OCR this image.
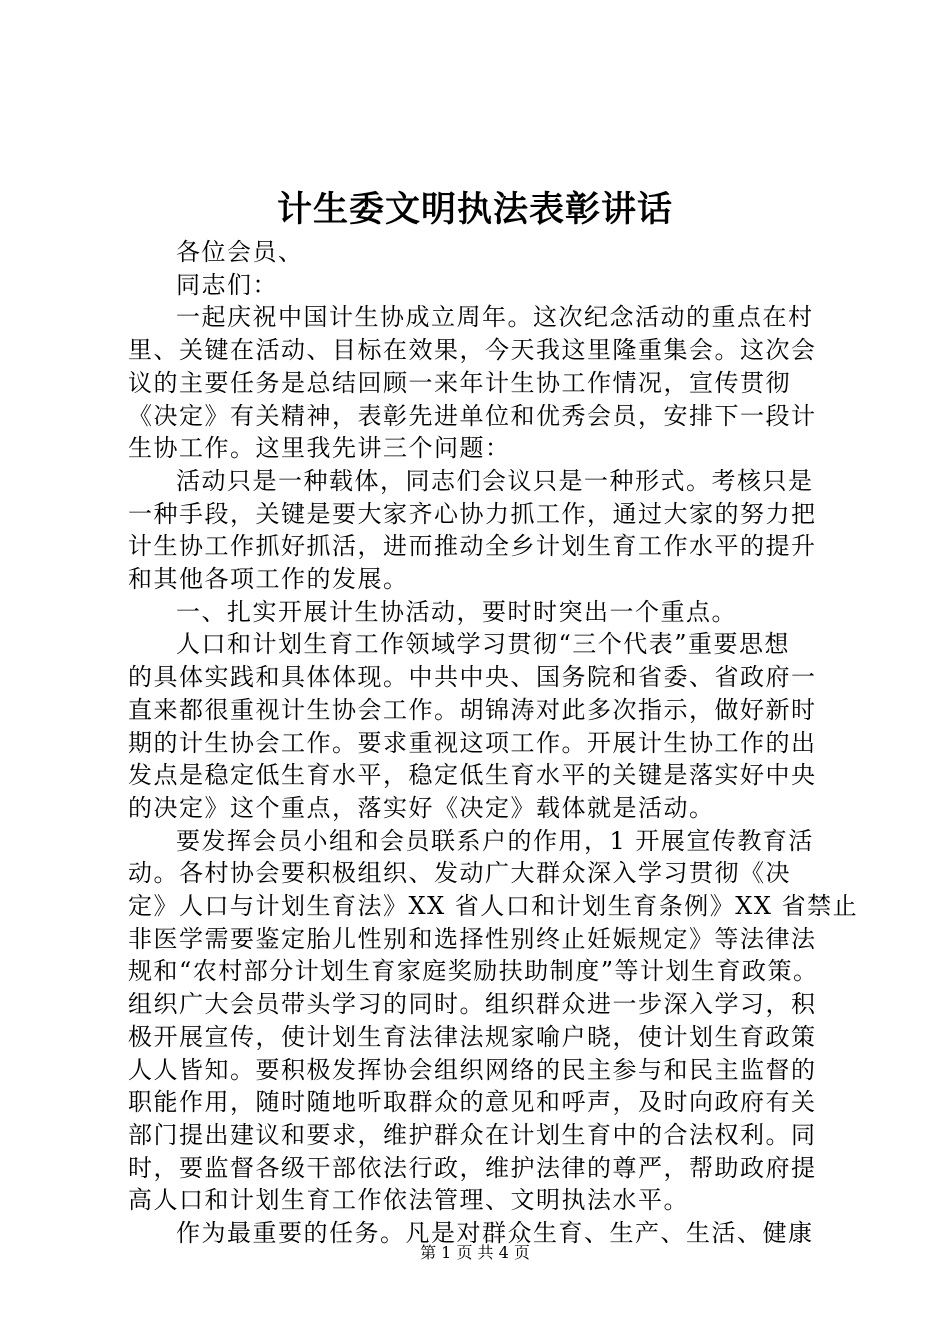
计生委文明执法表彰讲话
各位会员、
同志们：
一起庆祝中国计生协成立周年。这次纪念活动的重点在村
里、关键在活动、目标在效果，今天我这里隆重集会。这次会
议的主要任务是总结回顾一来年计生协工作情况，宣传贯彻
《决定》有关精神，表彰先进单位和优秀会员，安排下一段计
生协工作。这里我先讲三个问题：
活动只是一种载体，同志们会议只是一种形式。考核只是
一种手段，关键是要大家齐心协力抓工作，通过大家的努力把
计生协工作抓好抓活，进而推动全乡计划生育工作水平的提升
和其他各项工作的发展。
一、扎实开展计生协活动，要时时突出一个重点。
人口和计划生育工作领域学习贯彻“三个代表”重要思想
的具体实践和具体体现。中共中央、国务院和省委、省政府一
直来都很重视计生协会工作。胡锦涛对此多次指示，做好新时
期的计生协会工作。要求重视这项工作。开展计生协工作的出
发点是稳定低生育水平，稳定低生育水平的关键是落实好中央
的决定》这个重点，落实好《决定》载体就是活动。
要发挥会员小组和会员联系户的作用，1 开展宣传教育活
动。各村协会要积极组织、发动广大群众深入学习贯彻《决
定》人口与计划生育法》XX 省人口和计划生育条例》XX 省禁止
非医学需要鉴定胎儿性别和选择性别终止妊娠规定》等法律法
规和“农村部分计划生育家庭奖励扶助制度”等计划生育政策。
组织广大会员带头学习的同时。组织群众进一步深入学习，积
极开展宣传，使计划生育法律法规家喻户晓，使计划生育政策
人人皆知。要积极发挥协会组织网络的民主参与和民主监督的
职能作用，随时随地听取群众的意见和呼声，及时向政府有关
部门提出建议和要求，维护群众在计划生育中的合法权利。同
时，要监督各级干部依法行政，维护法律的尊严，帮助政府提
高人口和计划生育工作依法管理、文明执法水平。
作为最重要的任务。凡是对群众生育、生产、生活、健康
第 1 页 共 4 页
